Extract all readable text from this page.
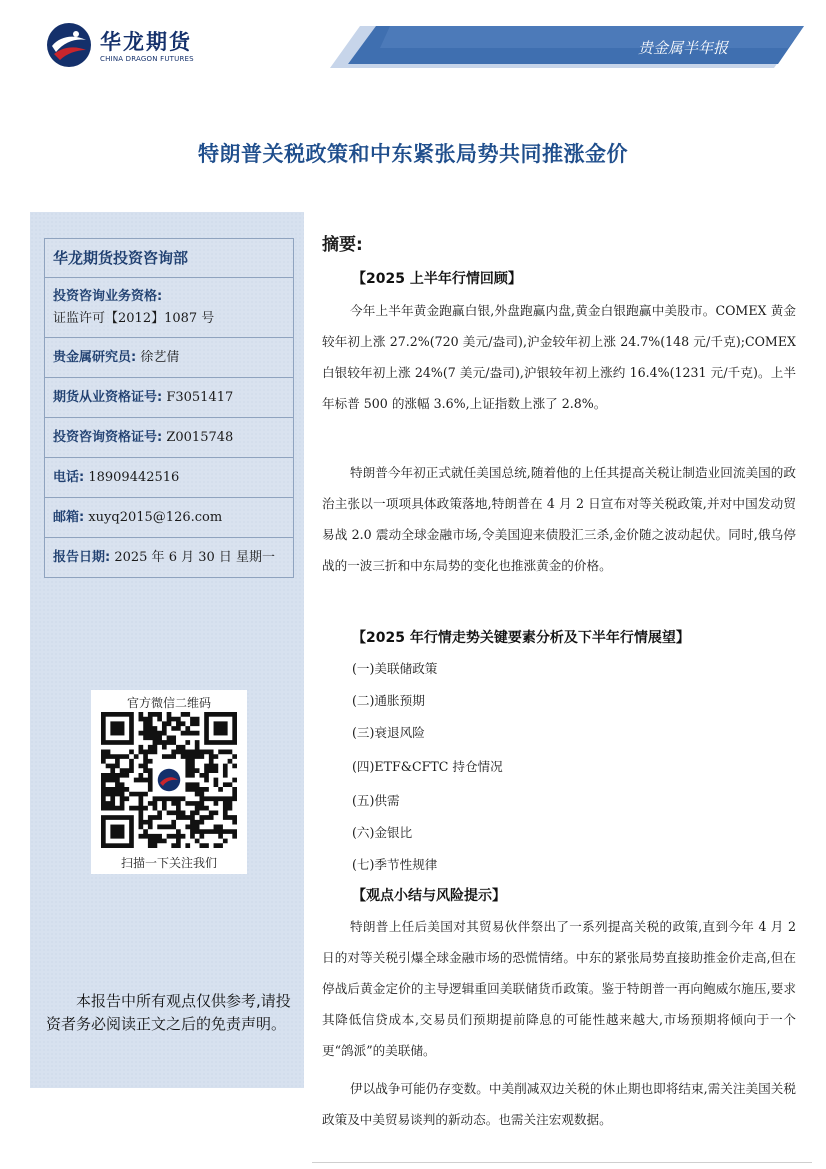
华龙期货
CHINA DRAGON FUTURES
贵金属半年报
特朗普关税政策和中东紧张局势共同推涨金价
华龙期货投资咨询部
投资咨询业务资格:
证监许可【2012】1087 号
贵金属研究员: 徐艺倩
期货从业资格证号: F3051417
投资咨询资格证号: Z0015748
电话: 18909442516
邮箱: xuyq2015@126.com
报告日期: 2025 年 6 月 30 日 星期一
官方微信二维码
扫描一下关注我们
本报告中所有观点仅供参考,请投资者务必阅读正文之后的免责声明。
摘要:
【2025 上半年行情回顾】
今年上半年黄金跑赢白银,外盘跑赢内盘,黄金白银跑赢中美股市。COMEX 黄金较年初上涨 27.2%(720 美元/盎司),沪金较年初上涨 24.7%(148 元/千克);COMEX 白银较年初上涨 24%(7 美元/盎司),沪银较年初上涨约 16.4%(1231 元/千克)。上半年标普 500 的涨幅 3.6%,上证指数上涨了 2.8%。
特朗普今年初正式就任美国总统,随着他的上任其提高关税让制造业回流美国的政治主张以一项项具体政策落地,特朗普在 4 月 2 日宣布对等关税政策,并对中国发动贸易战 2.0 震动全球金融市场,令美国迎来债股汇三杀,金价随之波动起伏。同时,俄乌停战的一波三折和中东局势的变化也推涨黄金的价格。
【2025 年行情走势关键要素分析及下半年行情展望】
(一)美联储政策
(二)通胀预期
(三)衰退风险
(四)ETF&CFTC 持仓情况
(五)供需
(六)金银比
(七)季节性规律
【观点小结与风险提示】
特朗普上任后美国对其贸易伙伴祭出了一系列提高关税的政策,直到今年 4 月 2 日的对等关税引爆全球金融市场的恐慌情绪。中东的紧张局势直接助推金价走高,但在停战后黄金定价的主导逻辑重回美联储货币政策。鉴于特朗普一再向鲍威尔施压,要求其降低信贷成本,交易员们预期提前降息的可能性越来越大,市场预期将倾向于一个更“鸽派”的美联储。
伊以战争可能仍存变数。中美削减双边关税的休止期也即将结束,需关注美国关税政策及中美贸易谈判的新动态。也需关注宏观数据。
